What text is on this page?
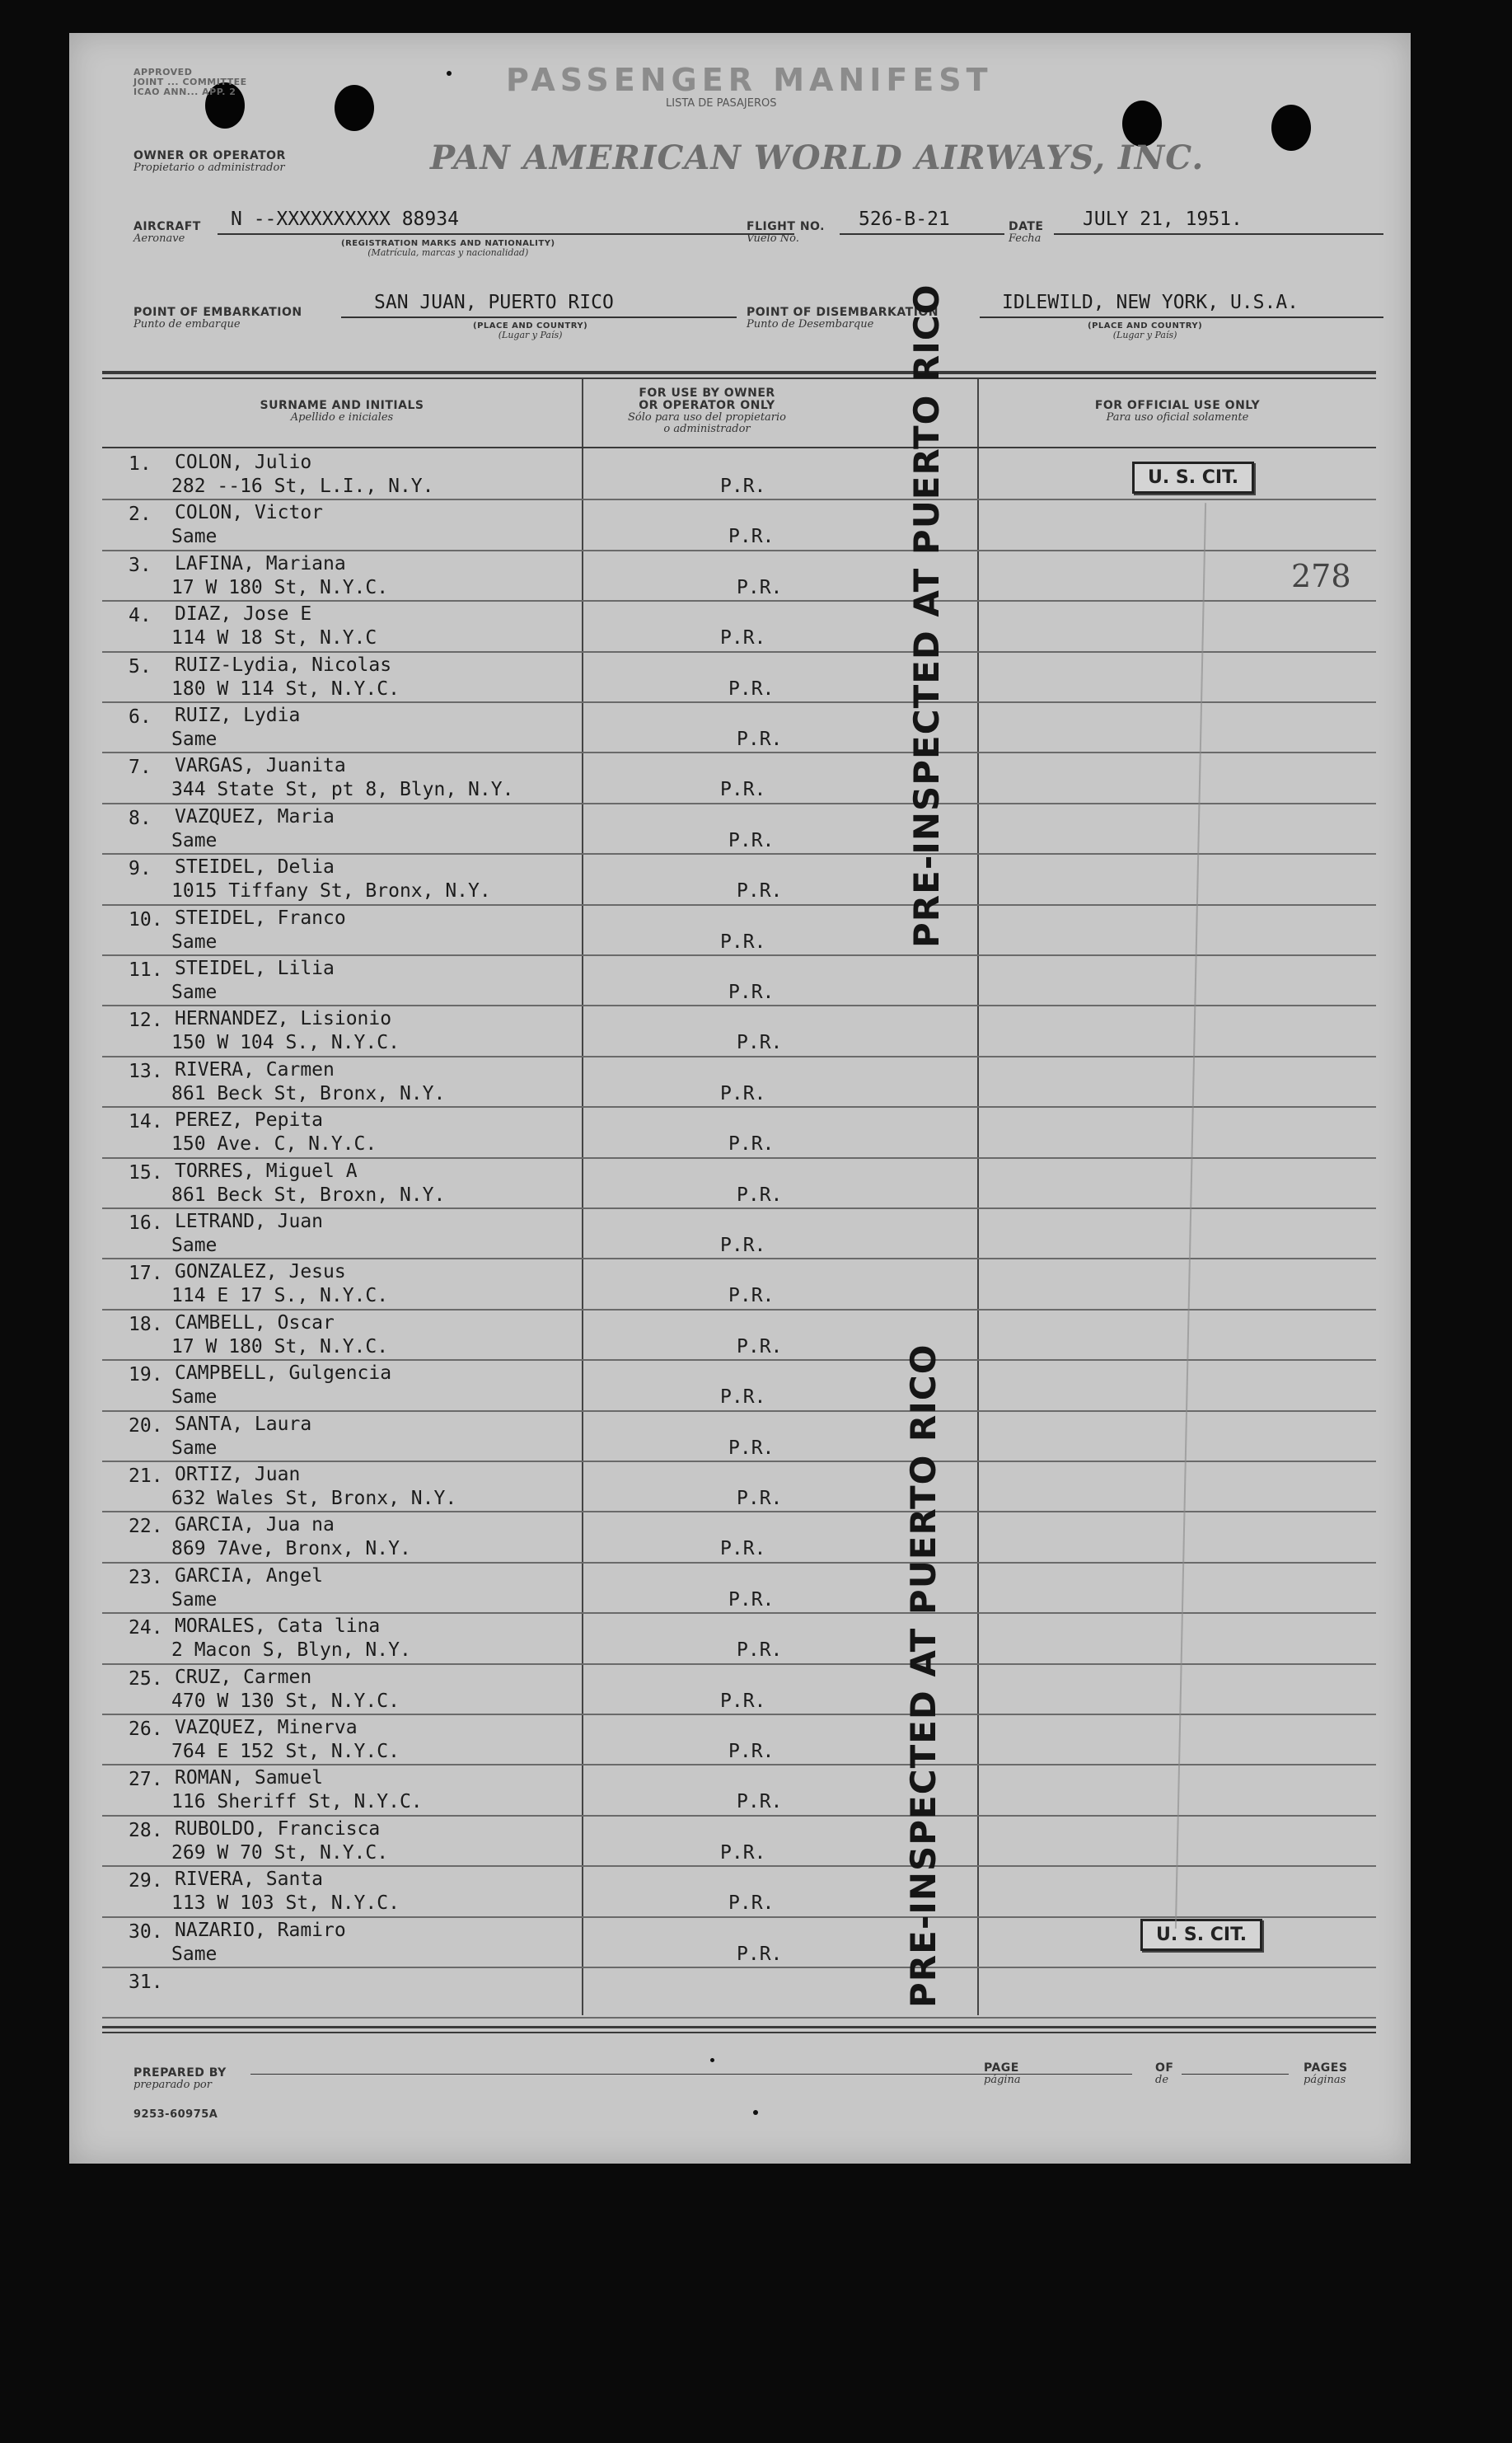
APPROVED
JOINT ... COMMITTEE
ICAO ANN... APP. 2	PASSENGER MANIFEST
LISTA DE PASAJEROS
OWNER OR OPERATOR
Propietario o administrador	PAN AMERICAN WORLD AIRWAYS, INC.
AIRCRAFT
Aeronave
N --XXXXXXXXXX 88934
(REGISTRATION MARKS AND NATIONALITY)
(Matrícula, marcas y nacionalidad)
FLIGHT NO.
Vuelo No.
526-B-21	DATE
Fecha
JULY 21, 1951.
POINT OF EMBARKATION
Punto de embarque
SAN JUAN, PUERTO RICO
(PLACE AND COUNTRY)
(Lugar y País)
POINT OF DISEMBARKATION
Punto de Desembarque
IDLEWILD, NEW YORK, U.S.A.
(PLACE AND COUNTRY)
(Lugar y País)
SURNAME AND INITIALS
Apellido e iniciales
FOR USE BY OWNER
OR OPERATOR ONLY
Sólo para uso del propietario
o administrador
FOR OFFICIAL USE ONLY
Para uso oficial solamente
1. COLON, Julio
282 --16 St, L.I., N.Y.	P.R.
2. COLON, Victor
Same	P.R.
3. LAFINA, Mariana
17 W 180 St, N.Y.C.	P.R.
4. DIAZ, Jose E
114 W 18 St, N.Y.C	P.R.
5. RUIZ-Lydia, Nicolas
180 W 114 St, N.Y.C.	P.R.
6. RUIZ, Lydia
Same	P.R.
7. VARGAS, Juanita
344 State St, pt 8, Blyn, N.Y.	P.R.
8. VAZQUEZ, Maria
Same	P.R.
9. STEIDEL, Delia
1015 Tiffany St, Bronx, N.Y.	P.R.
10. STEIDEL, Franco
Same	P.R.
11. STEIDEL, Lilia
Same	P.R.
12. HERNANDEZ, Lisionio
150 W 104 S., N.Y.C.	P.R.
13. RIVERA, Carmen
861 Beck St, Bronx, N.Y.	P.R.
14. PEREZ, Pepita
150 Ave. C, N.Y.C.	P.R.
15. TORRES, Miguel A
861 Beck St, Broxn, N.Y.	P.R.
16. LETRAND, Juan
Same	P.R.
17. GONZALEZ, Jesus
114 E 17 S., N.Y.C.	P.R.
18. CAMBELL, Oscar
17 W 180 St, N.Y.C.	P.R.
19. CAMPBELL, Gulgencia
Same	P.R.
20. SANTA, Laura
Same	P.R.
21. ORTIZ, Juan
632 Wales St, Bronx, N.Y.	P.R.
22. GARCIA, Jua na
869 7Ave, Bronx, N.Y.	P.R.
23. GARCIA, Angel
Same	P.R.
24. MORALES, Cata lina
2 Macon S, Blyn, N.Y.	P.R.
25. CRUZ, Carmen
470 W 130 St, N.Y.C.	P.R.
26. VAZQUEZ, Minerva
764 E 152 St, N.Y.C.	P.R.
27. ROMAN, Samuel
116 Sheriff St, N.Y.C.	P.R.
28. RUBOLDO, Francisca
269 W 70 St, N.Y.C.	P.R.
29. RIVERA, Santa
113 W 103 St, N.Y.C.	P.R.
30. NAZARIO, Ramiro
Same	P.R.
31.
PRE-INSPECTED AT PUERTO RICO
PRE-INSPECTED AT PUERTO RICO
U. S. CIT.
U. S. CIT.
278
PREPARED BY
preparado por
PAGE
página
OF
de
PAGES
páginas
9253-60975A
